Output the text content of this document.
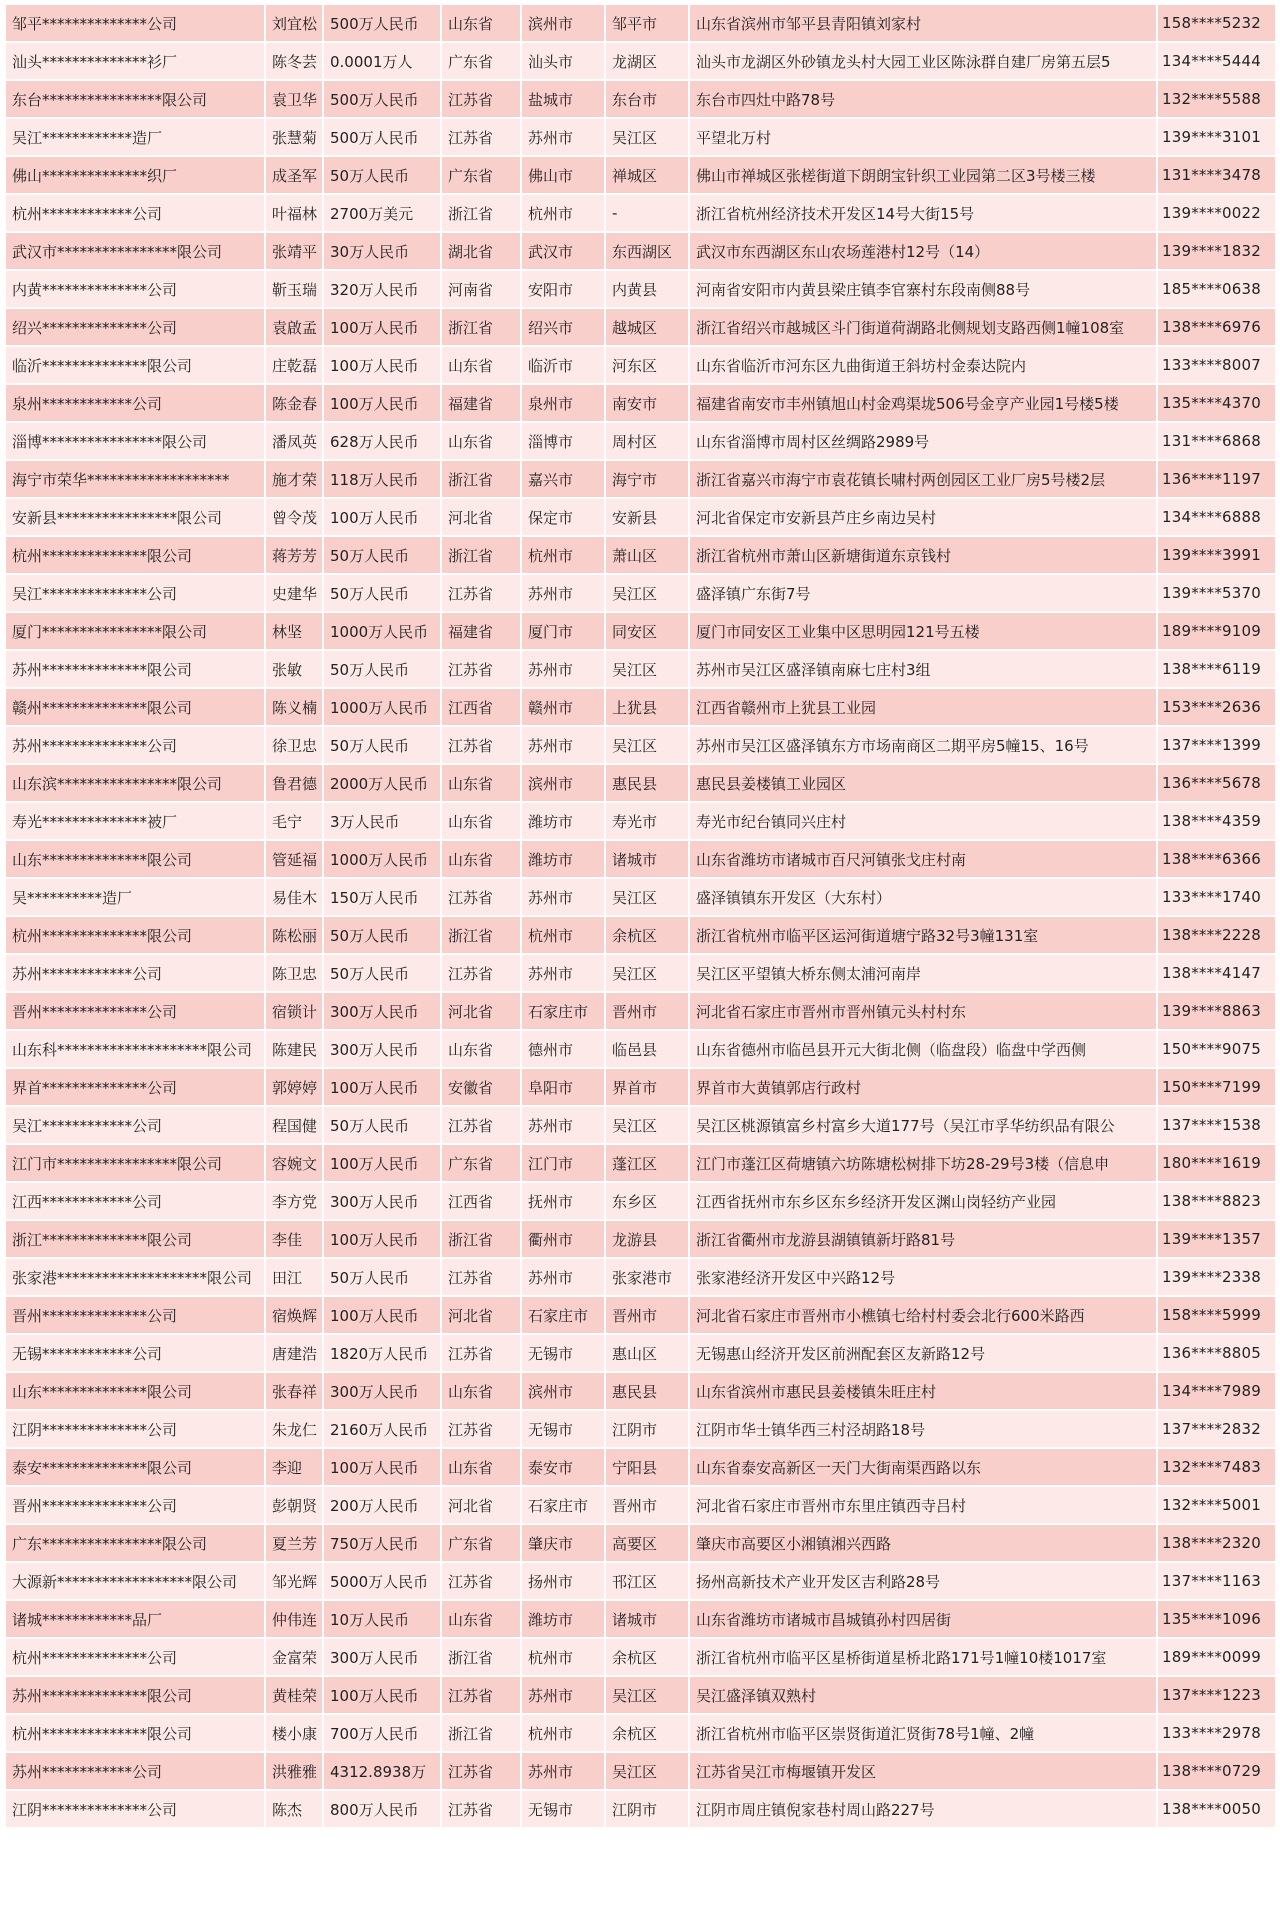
邹平**************公司	刘宜松	500万人民币	山东省	滨州市	邹平市	山东省滨州市邹平县青阳镇刘家村	158****5232
汕头**************衫厂	陈冬芸	0.0001万人	广东省	汕头市	龙湖区	汕头市龙湖区外砂镇龙头村大园工业区陈泳群自建厂房第五层5	134****5444
东台****************限公司	袁卫华	500万人民币	江苏省	盐城市	东台市	东台市四灶中路78号	132****5588
吴江************造厂	张慧菊	500万人民币	江苏省	苏州市	吴江区	平望北万村	139****3101
佛山**************织厂	成圣军	50万人民币	广东省	佛山市	禅城区	佛山市禅城区张槎街道下朗朗宝针织工业园第二区3号楼三楼	131****3478
杭州************公司	叶福林	2700万美元	浙江省	杭州市	-	浙江省杭州经济技术开发区14号大街15号	139****0022
武汉市****************限公司	张靖平	30万人民币	湖北省	武汉市	东西湖区	武汉市东西湖区东山农场莲港村12号（14）	139****1832
内黄**************公司	靳玉瑞	320万人民币	河南省	安阳市	内黄县	河南省安阳市内黄县梁庄镇李官寨村东段南侧88号	185****0638
绍兴**************公司	袁啟孟	100万人民币	浙江省	绍兴市	越城区	浙江省绍兴市越城区斗门街道荷湖路北侧规划支路西侧1幢108室	138****6976
临沂**************限公司	庄乾磊	100万人民币	山东省	临沂市	河东区	山东省临沂市河东区九曲街道王斜坊村金泰达院内	133****8007
泉州************公司	陈金春	100万人民币	福建省	泉州市	南安市	福建省南安市丰州镇旭山村金鸡渠垅506号金亨产业园1号楼5楼	135****4370
淄博****************限公司	潘凤英	628万人民币	山东省	淄博市	周村区	山东省淄博市周村区丝绸路2989号	131****6868
海宁市荣华*******************	施才荣	118万人民币	浙江省	嘉兴市	海宁市	浙江省嘉兴市海宁市袁花镇长啸村两创园区工业厂房5号楼2层	136****1197
安新县****************限公司	曾令茂	100万人民币	河北省	保定市	安新县	河北省保定市安新县芦庄乡南边吴村	134****6888
杭州**************限公司	蒋芳芳	50万人民币	浙江省	杭州市	萧山区	浙江省杭州市萧山区新塘街道东京钱村	139****3991
吴江**************公司	史建华	50万人民币	江苏省	苏州市	吴江区	盛泽镇广东街7号	139****5370
厦门****************限公司	林坚	1000万人民币	福建省	厦门市	同安区	厦门市同安区工业集中区思明园121号五楼	189****9109
苏州**************限公司	张敏	50万人民币	江苏省	苏州市	吴江区	苏州市吴江区盛泽镇南麻七庄村3组	138****6119
赣州**************限公司	陈义楠	1000万人民币	江西省	赣州市	上犹县	江西省赣州市上犹县工业园	153****2636
苏州**************公司	徐卫忠	50万人民币	江苏省	苏州市	吴江区	苏州市吴江区盛泽镇东方市场南商区二期平房5幢15、16号	137****1399
山东滨****************限公司	鲁君德	2000万人民币	山东省	滨州市	惠民县	惠民县姜楼镇工业园区	136****5678
寿光**************被厂	毛宁	3万人民币	山东省	潍坊市	寿光市	寿光市纪台镇同兴庄村	138****4359
山东**************限公司	管延福	1000万人民币	山东省	潍坊市	诸城市	山东省潍坊市诸城市百尺河镇张戈庄村南	138****6366
吴**********造厂	易佳木	150万人民币	江苏省	苏州市	吴江区	盛泽镇镇东开发区（大东村）	133****1740
杭州**************限公司	陈松丽	50万人民币	浙江省	杭州市	余杭区	浙江省杭州市临平区运河街道塘宁路32号3幢131室	138****2228
苏州************公司	陈卫忠	50万人民币	江苏省	苏州市	吴江区	吴江区平望镇大桥东侧太浦河南岸	138****4147
晋州**************公司	宿锁计	300万人民币	河北省	石家庄市	晋州市	河北省石家庄市晋州市晋州镇元头村村东	139****8863
山东科********************限公司	陈建民	300万人民币	山东省	德州市	临邑县	山东省德州市临邑县开元大街北侧（临盘段）临盘中学西侧	150****9075
界首**************公司	郭婷婷	100万人民币	安徽省	阜阳市	界首市	界首市大黄镇郭店行政村	150****7199
吴江************公司	程国健	50万人民币	江苏省	苏州市	吴江区	吴江区桃源镇富乡村富乡大道177号（吴江市孚华纺织品有限公	137****1538
江门市****************限公司	容婉文	100万人民币	广东省	江门市	蓬江区	江门市蓬江区荷塘镇六坊陈塘松树排下坊28-29号3楼（信息申	180****1619
江西************公司	李方党	300万人民币	江西省	抚州市	东乡区	江西省抚州市东乡区东乡经济开发区渊山岗轻纺产业园	138****8823
浙江**************限公司	李佳	100万人民币	浙江省	衢州市	龙游县	浙江省衢州市龙游县湖镇镇新圩路81号	139****1357
张家港********************限公司	田江	50万人民币	江苏省	苏州市	张家港市	张家港经济开发区中兴路12号	139****2338
晋州**************公司	宿焕辉	100万人民币	河北省	石家庄市	晋州市	河北省石家庄市晋州市小樵镇七给村村委会北行600米路西	158****5999
无锡************公司	唐建浩	1820万人民币	江苏省	无锡市	惠山区	无锡惠山经济开发区前洲配套区友新路12号	136****8805
山东**************限公司	张春祥	300万人民币	山东省	滨州市	惠民县	山东省滨州市惠民县姜楼镇朱旺庄村	134****7989
江阴**************公司	朱龙仁	2160万人民币	江苏省	无锡市	江阴市	江阴市华士镇华西三村泾胡路18号	137****2832
泰安**************限公司	李迎	100万人民币	山东省	泰安市	宁阳县	山东省泰安高新区一天门大街南渠西路以东	132****7483
晋州**************公司	彭朝贤	200万人民币	河北省	石家庄市	晋州市	河北省石家庄市晋州市东里庄镇西寺吕村	132****5001
广东****************限公司	夏兰芳	750万人民币	广东省	肇庆市	高要区	肇庆市高要区小湘镇湘兴西路	138****2320
大源新******************限公司	邹光辉	5000万人民币	江苏省	扬州市	邗江区	扬州高新技术产业开发区吉利路28号	137****1163
诸城************品厂	仲伟连	10万人民币	山东省	潍坊市	诸城市	山东省潍坊市诸城市昌城镇孙村四居街	135****1096
杭州**************公司	金富荣	300万人民币	浙江省	杭州市	余杭区	浙江省杭州市临平区星桥街道星桥北路171号1幢10楼1017室	189****0099
苏州**************限公司	黄桂荣	100万人民币	江苏省	苏州市	吴江区	吴江盛泽镇双熟村	137****1223
杭州**************限公司	楼小康	700万人民币	浙江省	杭州市	余杭区	浙江省杭州市临平区崇贤街道汇贤街78号1幢、2幢	133****2978
苏州************公司	洪雅雅	4312.8938万	江苏省	苏州市	吴江区	江苏省吴江市梅堰镇开发区	138****0729
江阴**************公司	陈杰	800万人民币	江苏省	无锡市	江阴市	江阴市周庄镇倪家巷村周山路227号	138****0050
